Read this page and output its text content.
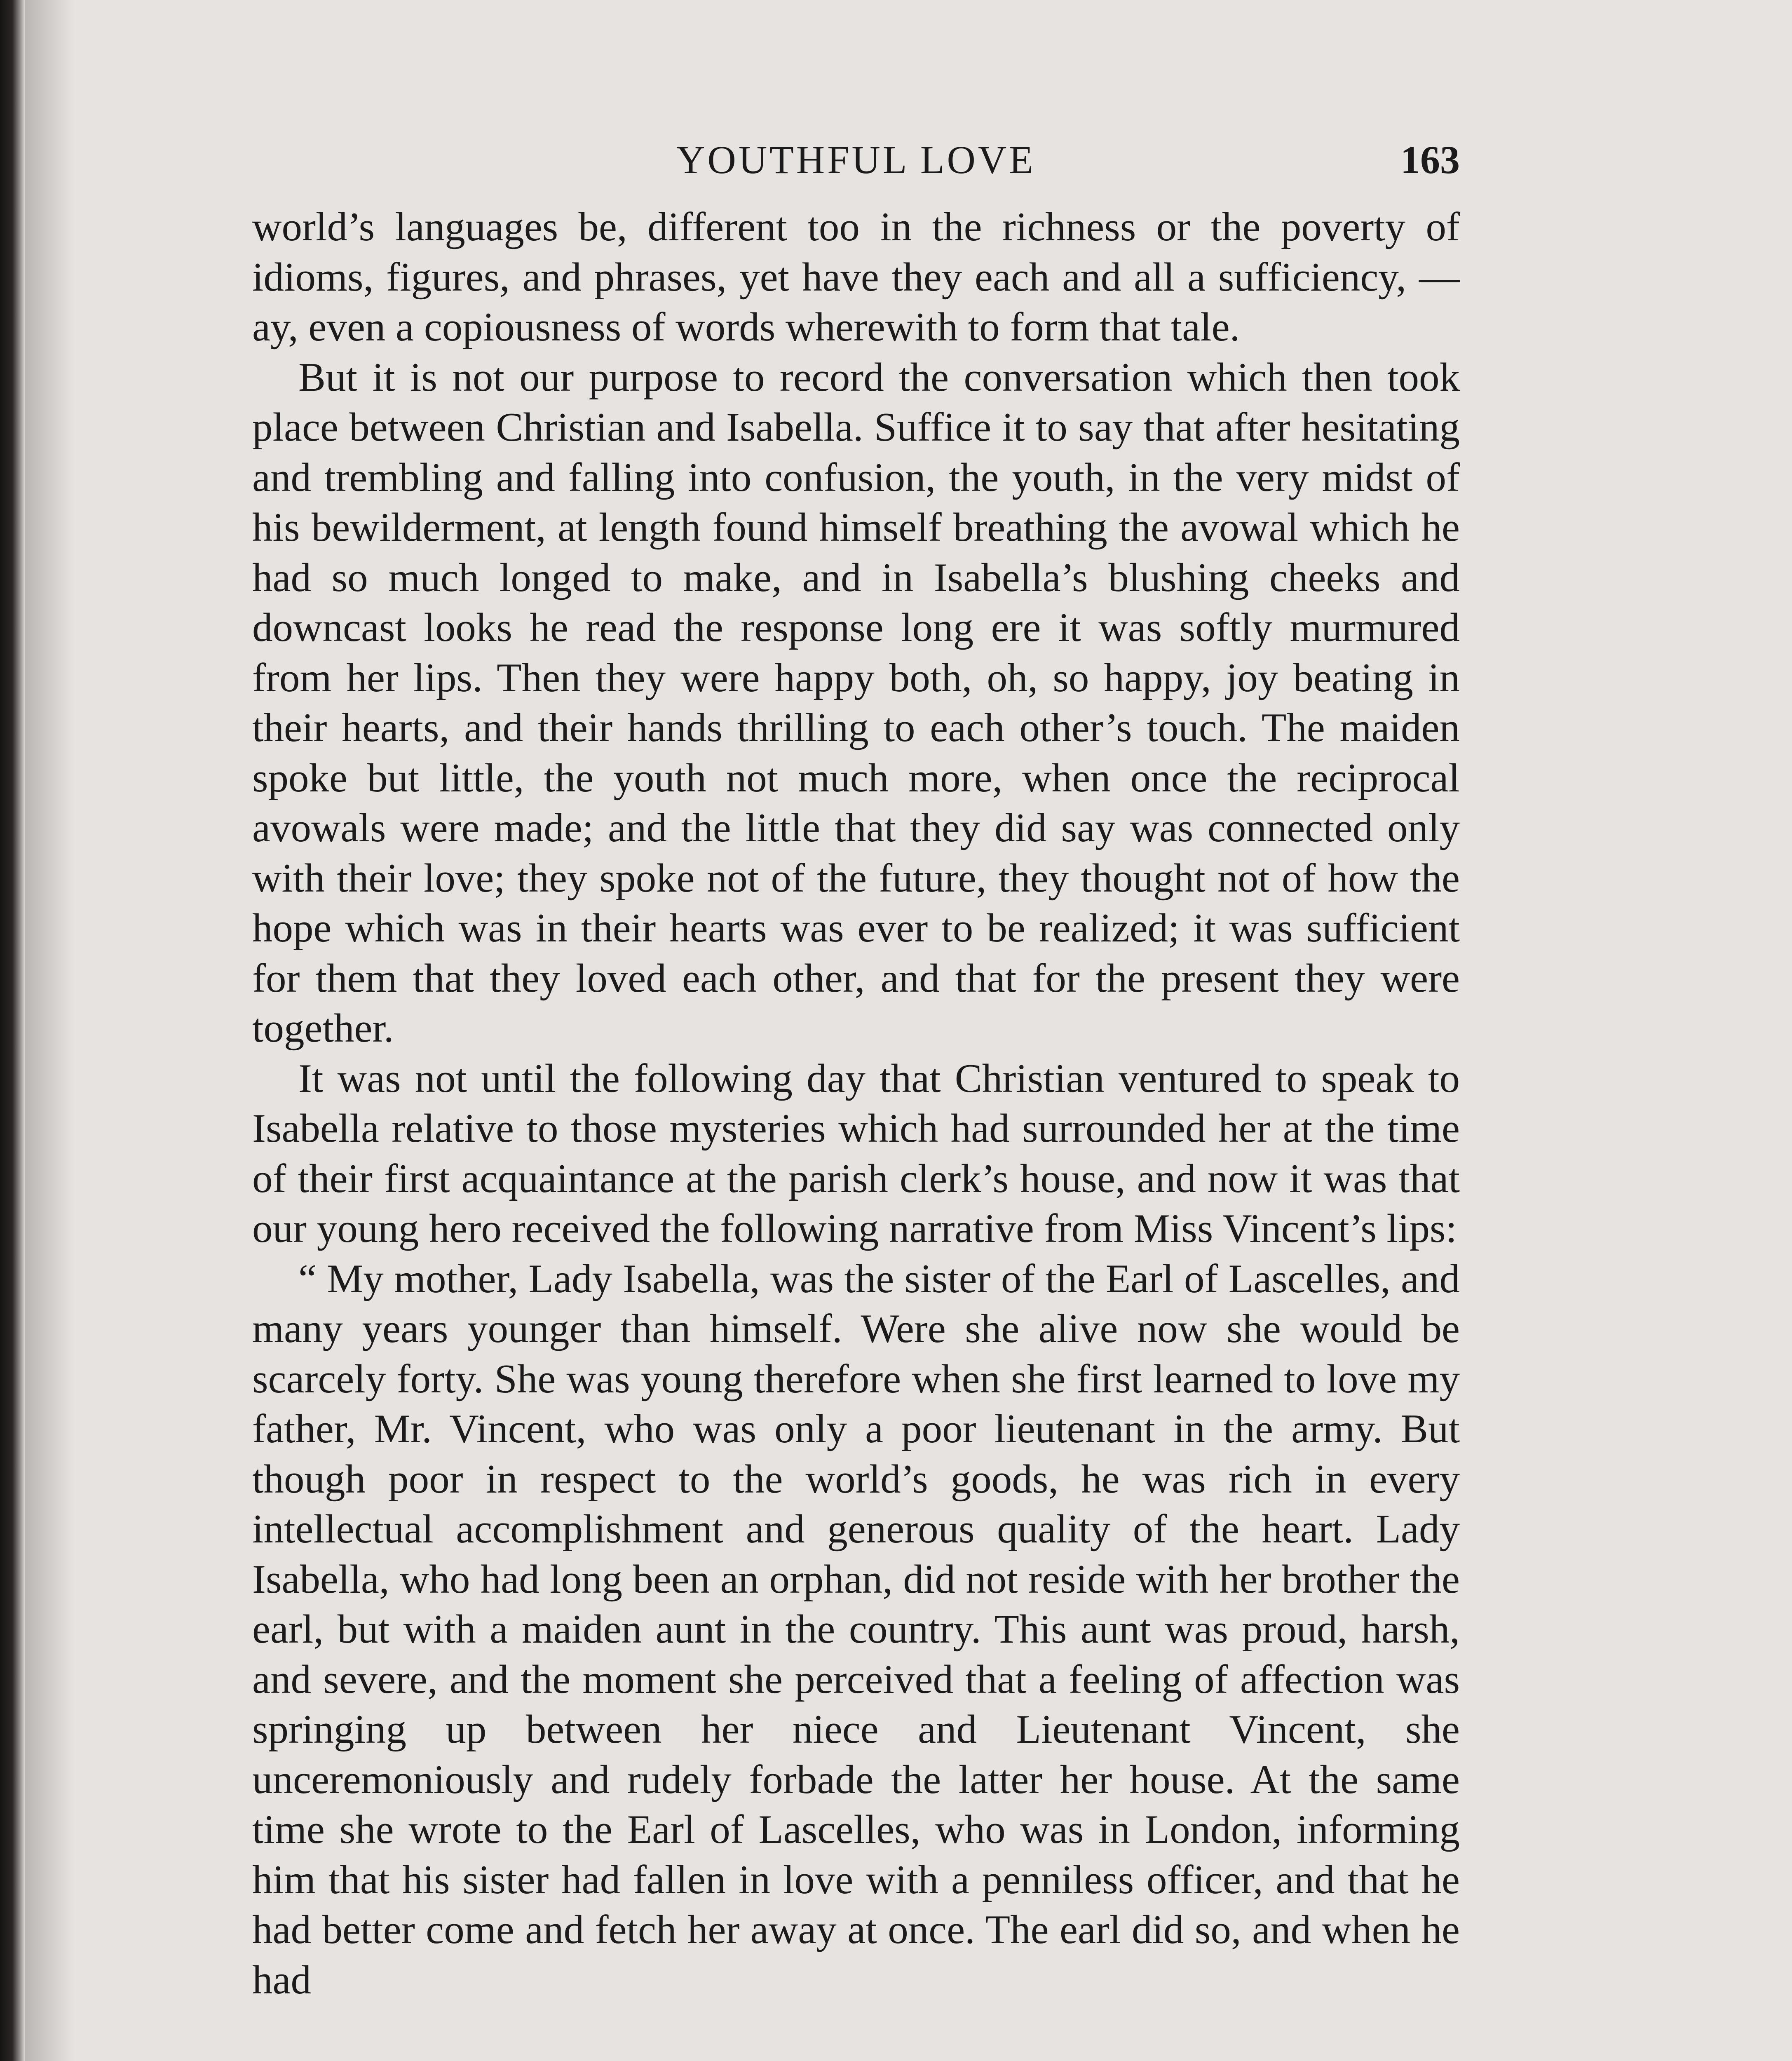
YOUTHFUL LOVE	163

world’s languages be, different too in the richness or the poverty of idioms, figures, and phrases, yet have they each and all a sufficiency, — ay, even a copiousness of words wherewith to form that tale.

But it is not our purpose to record the conversation which then took place between Christian and Isabella. Suffice it to say that after hesitating and trembling and falling into confusion, the youth, in the very midst of his bewilderment, at length found himself breathing the avowal which he had so much longed to make, and in Isabella’s blushing cheeks and downcast looks he read the response long ere it was softly murmured from her lips. Then they were happy both, oh, so happy, joy beating in their hearts, and their hands thrilling to each other’s touch. The maiden spoke but little, the youth not much more, when once the reciprocal avowals were made; and the little that they did say was connected only with their love; they spoke not of the future, they thought not of how the hope which was in their hearts was ever to be realized; it was sufficient for them that they loved each other, and that for the present they were together.

It was not until the following day that Christian ventured to speak to Isabella relative to those mysteries which had surrounded her at the time of their first acquaintance at the parish clerk’s house, and now it was that our young hero received the following narrative from Miss Vincent’s lips:

“ My mother, Lady Isabella, was the sister of the Earl of Lascelles, and many years younger than himself. Were she alive now she would be scarcely forty. She was young therefore when she first learned to love my father, Mr. Vincent, who was only a poor lieutenant in the army. But though poor in respect to the world’s goods, he was rich in every intellectual accomplishment and generous quality of the heart. Lady Isabella, who had long been an orphan, did not reside with her brother the earl, but with a maiden aunt in the country. This aunt was proud, harsh, and severe, and the moment she perceived that a feeling of affection was springing up between her niece and Lieutenant Vincent, she unceremoniously and rudely forbade the latter her house. At the same time she wrote to the Earl of Lascelles, who was in London, informing him that his sister had fallen in love with a penniless officer, and that he had better come and fetch her away at once. The earl did so, and when he had
